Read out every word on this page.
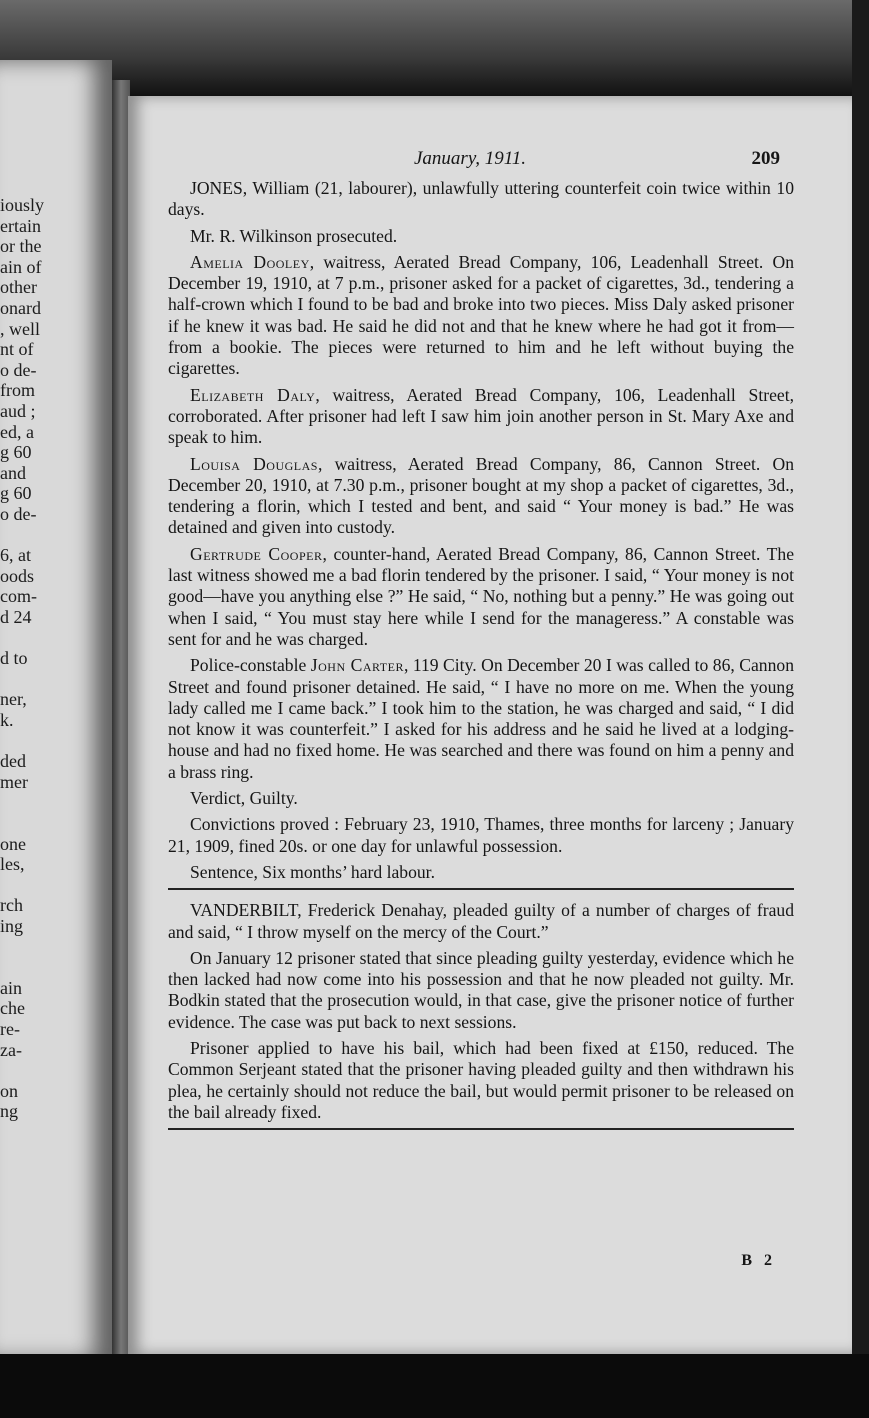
iously
ertain
or the
ain of
other
onard
, well
nt of
o de-
from
aud ;
ed, a
g 60
and
g 60
o de-
6, at
oods
com-
d 24
d to
ner,
k.
ded
mer
one
les,
rch
ing
ain
che
re-
za-
on
ng
January, 1911.	209

JONES, William (21, labourer), unlawfully uttering counterfeit coin twice within 10 days.

Mr. R. Wilkinson prosecuted.

Amelia Dooley, waitress, Aerated Bread Company, 106, Leadenhall Street. On December 19, 1910, at 7 p.m., prisoner asked for a packet of cigarettes, 3d., tendering a half-crown which I found to be bad and broke into two pieces. Miss Daly asked prisoner if he knew it was bad. He said he did not and that he knew where he had got it from—from a bookie. The pieces were returned to him and he left without buying the cigarettes.

Elizabeth Daly, waitress, Aerated Bread Company, 106, Leadenhall Street, corroborated. After prisoner had left I saw him join another person in St. Mary Axe and speak to him.

Louisa Douglas, waitress, Aerated Bread Company, 86, Cannon Street. On December 20, 1910, at 7.30 p.m., prisoner bought at my shop a packet of cigarettes, 3d., tendering a florin, which I tested and bent, and said “ Your money is bad.” He was detained and given into custody.

Gertrude Cooper, counter-hand, Aerated Bread Company, 86, Cannon Street. The last witness showed me a bad florin tendered by the prisoner. I said, “ Your money is not good—have you anything else ?” He said, “ No, nothing but a penny.” He was going out when I said, “ You must stay here while I send for the manageress.” A constable was sent for and he was charged.

Police-constable John Carter, 119 City. On December 20 I was called to 86, Cannon Street and found prisoner detained. He said, “ I have no more on me. When the young lady called me I came back.” I took him to the station, he was charged and said, “ I did not know it was counterfeit.” I asked for his address and he said he lived at a lodging-house and had no fixed home. He was searched and there was found on him a penny and a brass ring.

Verdict, Guilty.

Convictions proved : February 23, 1910, Thames, three months for larceny ; January 21, 1909, fined 20s. or one day for unlawful possession.

Sentence, Six months’ hard labour.

VANDERBILT, Frederick Denahay, pleaded guilty of a number of charges of fraud and said, “ I throw myself on the mercy of the Court.”

On January 12 prisoner stated that since pleading guilty yesterday, evidence which he then lacked had now come into his possession and that he now pleaded not guilty. Mr. Bodkin stated that the prosecution would, in that case, give the prisoner notice of further evidence. The case was put back to next sessions.

Prisoner applied to have his bail, which had been fixed at £150, reduced. The Common Serjeant stated that the prisoner having pleaded guilty and then withdrawn his plea, he certainly should not reduce the bail, but would permit prisoner to be released on the bail already fixed.

B 2
